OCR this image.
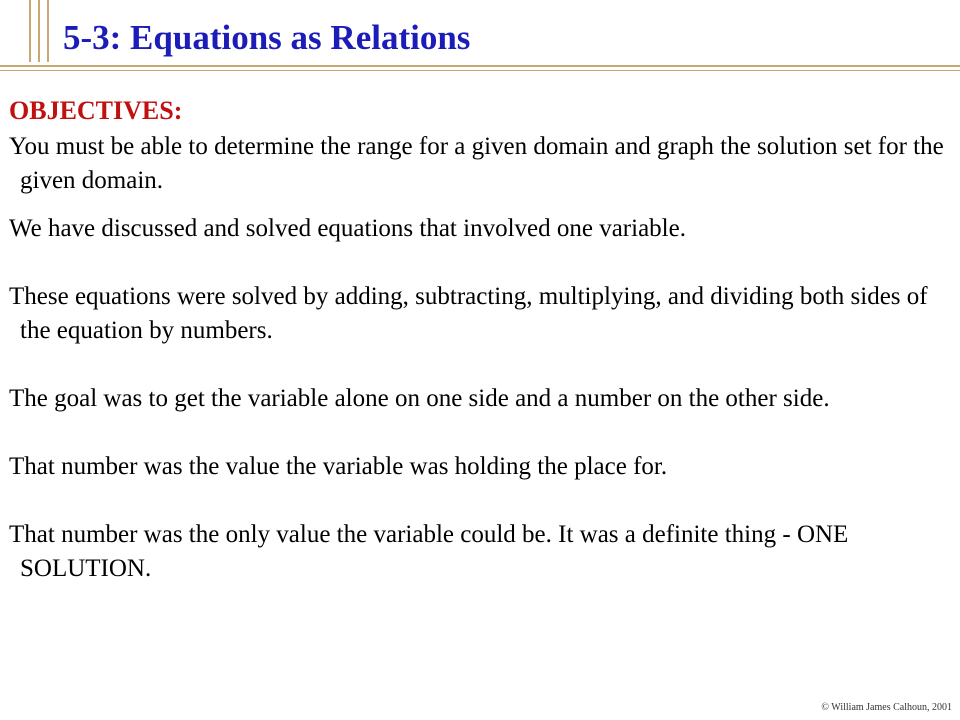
5-3: Equations as Relations

OBJECTIVES:

You must be able to determine the range for a given domain and graph the solution set for the given domain.

We have discussed and solved equations that involved one variable.

These equations were solved by adding, subtracting, multiplying, and dividing both sides of the equation by numbers.

The goal was to get the variable alone on one side and a number on the other side.

That number was the value the variable was holding the place for.

That number was the only value the variable could be. It was a definite thing - ONE SOLUTION.

© William James Calhoun, 2001
